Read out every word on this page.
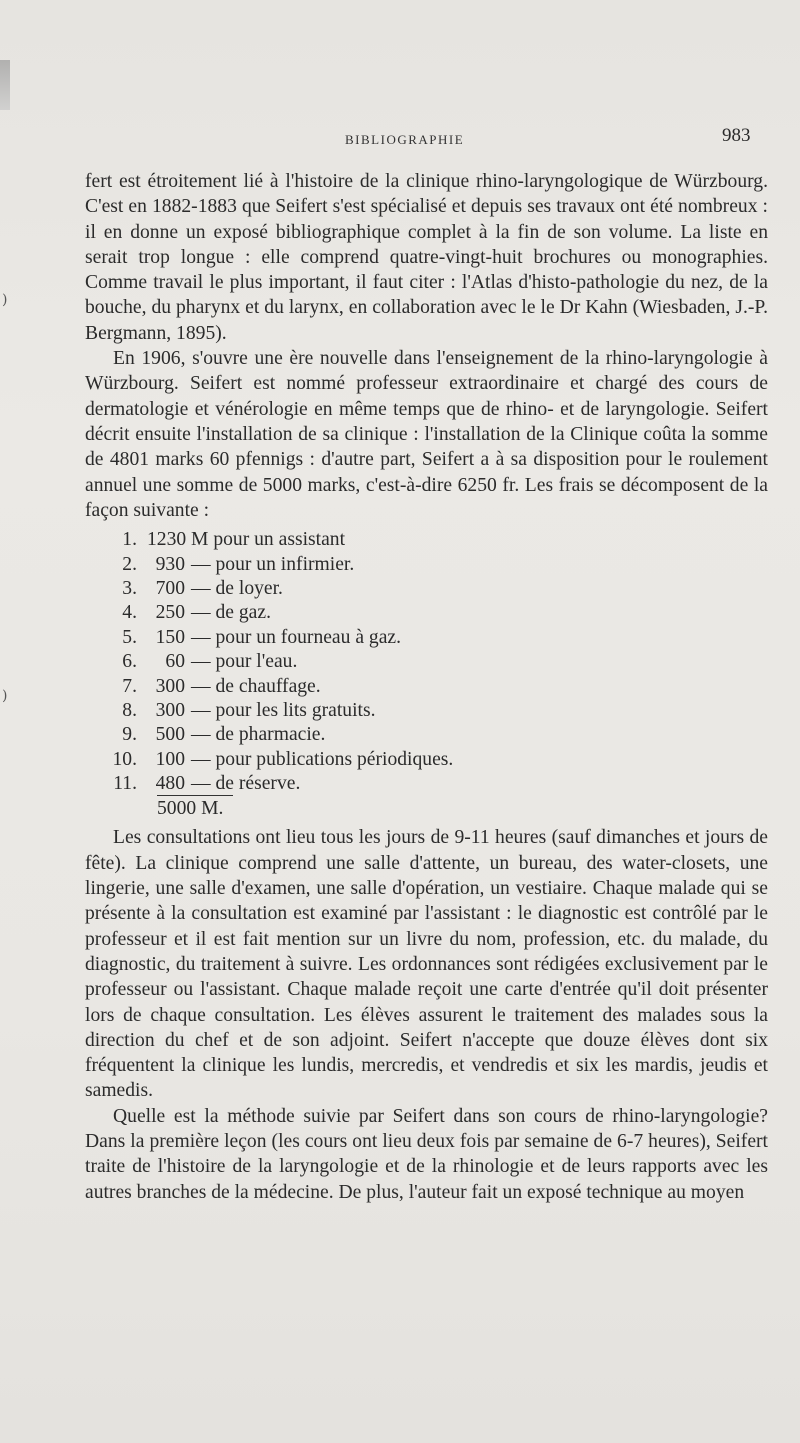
)
)
BIBLIOGRAPHIE	983

fert est étroitement lié à l'histoire de la clinique rhino-laryngologique de Würzbourg. C'est en 1882-1883 que Seifert s'est spécialisé et depuis ses travaux ont été nombreux : il en donne un exposé bibliographique complet à la fin de son volume. La liste en serait trop longue : elle comprend quatre-vingt-huit brochures ou monographies. Comme travail le plus important, il faut citer : l'Atlas d'histo-pathologie du nez, de la bouche, du pharynx et du larynx, en collaboration avec le le Dr Kahn (Wiesbaden, J.-P. Bergmann, 1895).

En 1906, s'ouvre une ère nouvelle dans l'enseignement de la rhino-laryngologie à Würzbourg. Seifert est nommé professeur extraordinaire et chargé des cours de dermatologie et vénérologie en même temps que de rhino- et de laryngologie. Seifert décrit ensuite l'installation de sa clinique : l'installation de la Clinique coûta la somme de 4801 marks 60 pfennigs : d'autre part, Seifert a à sa disposition pour le roulement annuel une somme de 5000 marks, c'est-à-dire 6250 fr. Les frais se décomposent de la façon suivante :

1. 1230 M pour un assistant
2. 930 — pour un infirmier.
3. 700 — de loyer.
4. 250 — de gaz.
5. 150 — pour un fourneau à gaz.
6.	60 — pour l'eau.
7. 300 — de chauffage.
8. 300 — pour les lits gratuits.
9. 500 — de pharmacie.
10. 100 — pour publications périodiques.
11. 480 — de réserve.
5000 M.

Les consultations ont lieu tous les jours de 9-11 heures (sauf dimanches et jours de fête). La clinique comprend une salle d'attente, un bureau, des water-closets, une lingerie, une salle d'examen, une salle d'opération, un vestiaire. Chaque malade qui se présente à la consultation est examiné par l'assistant : le diagnostic est contrôlé par le professeur et il est fait mention sur un livre du nom, profession, etc. du malade, du diagnostic, du traitement à suivre. Les ordonnances sont rédigées exclusivement par le professeur ou l'assistant. Chaque malade reçoit une carte d'entrée qu'il doit présenter lors de chaque consultation. Les élèves assurent le traitement des malades sous la direction du chef et de son adjoint. Seifert n'accepte que douze élèves dont six fréquentent la clinique les lundis, mercredis, et vendredis et six les mardis, jeudis et samedis.

Quelle est la méthode suivie par Seifert dans son cours de rhino-laryngologie? Dans la première leçon (les cours ont lieu deux fois par semaine de 6-7 heures), Seifert traite de l'histoire de la laryngologie et de la rhinologie et de leurs rapports avec les autres branches de la médecine. De plus, l'auteur fait un exposé technique au moyen
